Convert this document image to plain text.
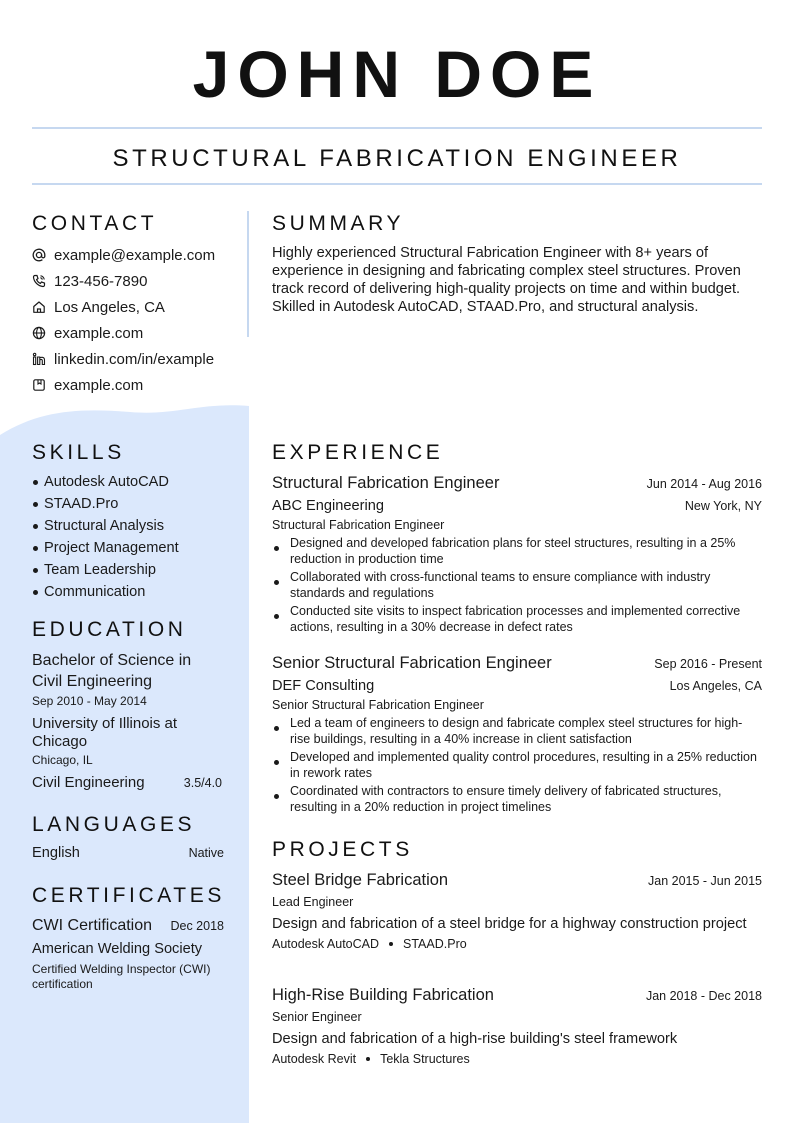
JOHN DOE
STRUCTURAL FABRICATION ENGINEER
CONTACT
example@example.com
123-456-7890
Los Angeles, CA
example.com
linkedin.com/in/example
example.com
SUMMARY

Highly experienced Structural Fabrication Engineer with 8+ years of experience in designing and fabricating complex steel structures. Proven track record of delivering high-quality projects on time and within budget. Skilled in Autodesk AutoCAD, STAAD.Pro, and structural analysis.

SKILLS
Autodesk AutoCAD
STAAD.Pro
Structural Analysis
Project Management
Team Leadership
Communication
EDUCATION
Bachelor of Science in Civil Engineering
Sep 2010 - May 2014
University of Illinois at Chicago
Chicago, IL
Civil Engineering	3.5/4.0
LANGUAGES
English	Native
CERTIFICATES
CWI Certification Dec 2018
American Welding Society
Certified Welding Inspector (CWI) certification
EXPERIENCE
Structural Fabrication Engineer	Jun 2014 - Aug 2016
ABC Engineering	New York, NY
Structural Fabrication Engineer
Designed and developed fabrication plans for steel structures, resulting in a 25% reduction in production time
Collaborated with cross-functional teams to ensure compliance with industry standards and regulations
Conducted site visits to inspect fabrication processes and implemented corrective actions, resulting in a 30% decrease in defect rates
Senior Structural Fabrication Engineer	Sep 2016 - Present
DEF Consulting	Los Angeles, CA
Senior Structural Fabrication Engineer
Led a team of engineers to design and fabricate complex steel structures for high-rise buildings, resulting in a 40% increase in client satisfaction
Developed and implemented quality control procedures, resulting in a 25% reduction in rework rates
Coordinated with contractors to ensure timely delivery of fabricated structures, resulting in a 20% reduction in project timelines
PROJECTS
Steel Bridge Fabrication	Jan 2015 - Jun 2015
Lead Engineer
Design and fabrication of a steel bridge for a highway construction project
Autodesk AutoCAD STAAD.Pro
High-Rise Building Fabrication	Jan 2018 - Dec 2018
Senior Engineer
Design and fabrication of a high-rise building's steel framework
Autodesk Revit Tekla Structures
